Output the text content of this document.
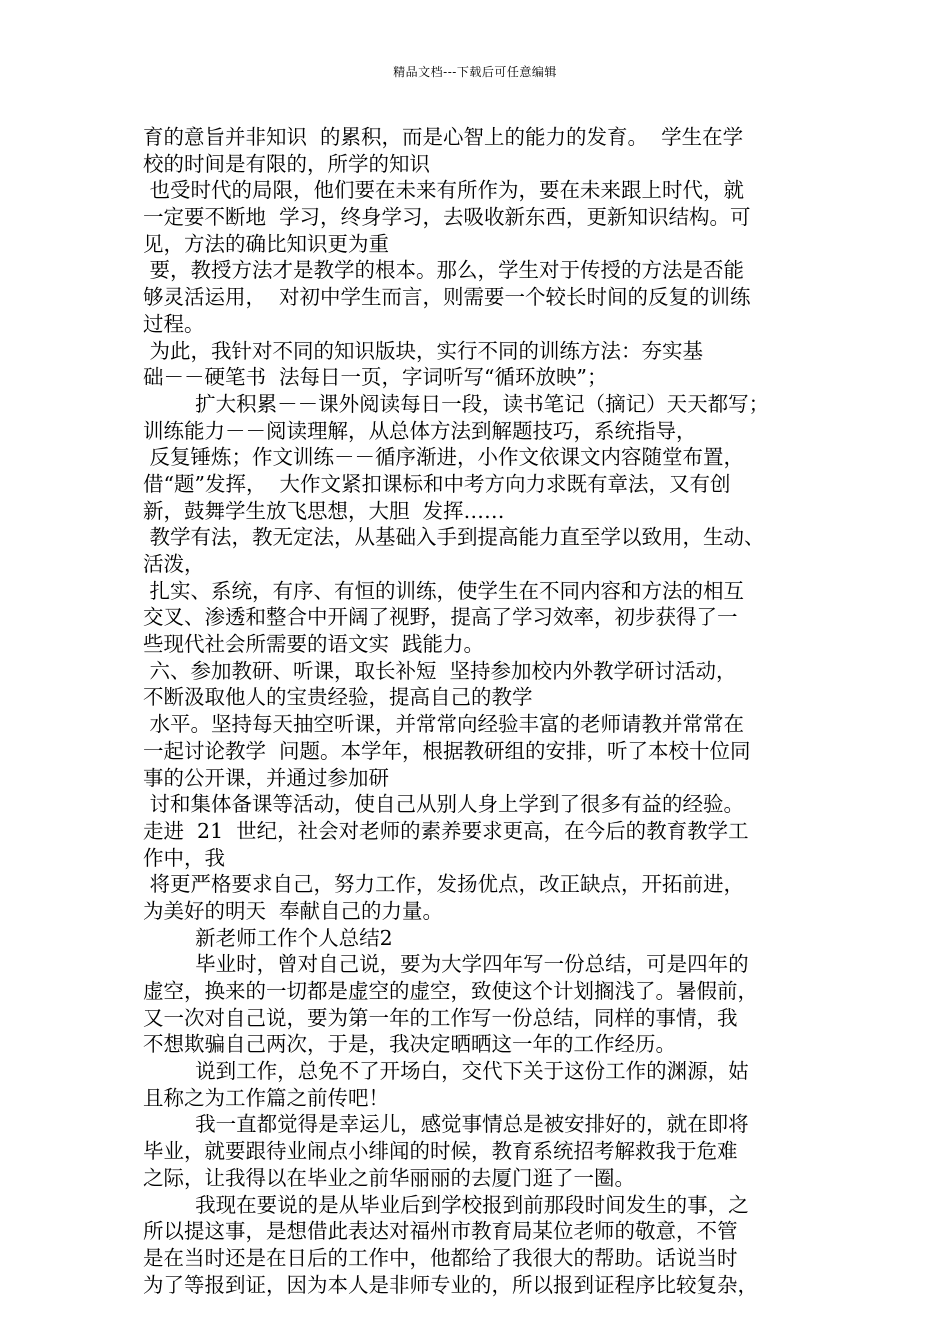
精品文档---下载后可任意编辑
育的意旨并非知识  的累积，而是心智上的能力的发育。  学生在学
校的时间是有限的，所学的知识
也受时代的局限，他们要在未来有所作为，要在未来跟上时代，就
一定要不断地  学习，终身学习，去吸收新东西，更新知识结构。可
见，方法的确比知识更为重
要，教授方法才是教学的根本。那么，学生对于传授的方法是否能
够灵活运用，  对初中学生而言，则需要一个较长时间的反复的训练
过程。
为此，我针对不同的知识版块，实行不同的训练方法：夯实基
础－－硬笔书  法每日一页，字词听写“循环放映”；
扩大积累－－课外阅读每日一段，读书笔记（摘记）天天都写；
训练能力－－阅读理解，从总体方法到解题技巧，系统指导，
反复锤炼；作文训练－－循序渐进，小作文依课文内容随堂布置，
借“题”发挥，  大作文紧扣课标和中考方向力求既有章法，又有创
新，鼓舞学生放飞思想，大胆  发挥……
教学有法，教无定法，从基础入手到提高能力直至学以致用，生动、
活泼，
扎实、系统，有序、有恒的训练，使学生在不同内容和方法的相互
交叉、渗透和整合中开阔了视野，提高了学习效率，初步获得了一
些现代社会所需要的语文实  践能力。
六、参加教研、听课，取长补短  坚持参加校内外教学研讨活动，
不断汲取他人的宝贵经验，提高自己的教学
水平。坚持每天抽空听课，并常常向经验丰富的老师请教并常常在
一起讨论教学  问题。本学年，根据教研组的安排，听了本校十位同
事的公开课，并通过参加研
讨和集体备课等活动，使自己从别人身上学到了很多有益的经验。
走进  21  世纪，社会对老师的素养要求更高，在今后的教育教学工
作中，我
将更严格要求自己，努力工作，发扬优点，改正缺点，开拓前进，
为美好的明天  奉献自己的力量。
新老师工作个人总结2
毕业时，曾对自己说，要为大学四年写一份总结，可是四年的
虚空，换来的一切都是虚空的虚空，致使这个计划搁浅了。暑假前，
又一次对自己说，要为第一年的工作写一份总结，同样的事情，我
不想欺骗自己两次，于是，我决定晒晒这一年的工作经历。
说到工作，总免不了开场白，交代下关于这份工作的渊源，姑
且称之为工作篇之前传吧！
我一直都觉得是幸运儿，感觉事情总是被安排好的，就在即将
毕业，就要跟待业闹点小绯闻的时候，教育系统招考解救我于危难
之际，让我得以在毕业之前华丽丽的去厦门逛了一圈。
我现在要说的是从毕业后到学校报到前那段时间发生的事，之
所以提这事，是想借此表达对福州市教育局某位老师的敬意，不管
是在当时还是在日后的工作中，他都给了我很大的帮助。话说当时
为了等报到证，因为本人是非师专业的，所以报到证程序比较复杂，
